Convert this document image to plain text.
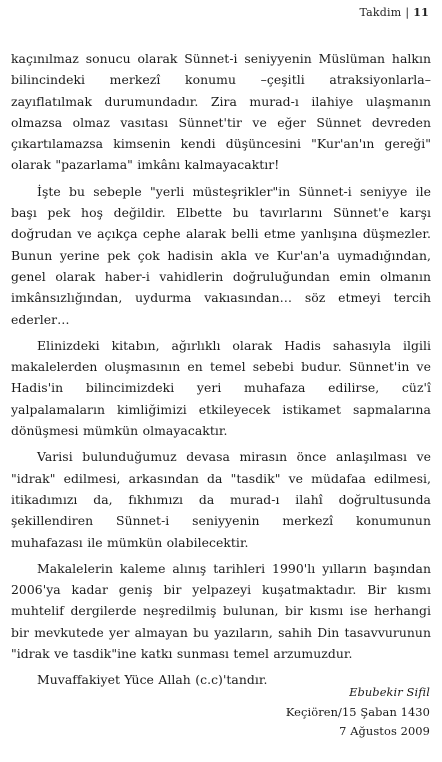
Takdim | 11

kaçınılmaz sonucu olarak Sünnet-i seniyyenin Müslüman halkın bilincindeki merkezî konumu –çeşitli atraksiyonlarla– zayıflatılmak durumundadır. Zira murad-ı ilahiye ulaşmanın olmazsa olmaz vasıtası Sünnet'tir ve eğer Sünnet devreden çıkartılamazsa kimsenin kendi düşüncesini "Kur'an'ın gereği" olarak "pazarlama" imkânı kalmayacaktır!

İşte bu sebeple "yerli müsteşrikler"in Sünnet-i seniyye ile başı pek hoş değildir. Elbette bu tavırlarını Sünnet'e karşı doğrudan ve açıkça cephe alarak belli etme yanlışına düşmezler. Bunun yerine pek çok hadisin akla ve Kur'an'a uymadığından, genel olarak haber-i vahidlerin doğruluğundan emin olmanın imkânsızlığından, uydurma vakıasından… söz etmeyi tercih ederler…

Elinizdeki kitabın, ağırlıklı olarak Hadis sahasıyla ilgili makalelerden oluşmasının en temel sebebi budur. Sünnet'in ve Hadis'in bilincimizdeki yeri muhafaza edilirse, cüz'î yalpalamaların kimliğimizi etkileyecek istikamet sapmalarına dönüşmesi mümkün olmayacaktır.

Varisi bulunduğumuz devasa mirasın önce anlaşılması ve "idrak" edilmesi, arkasından da "tasdik" ve müdafaa edilmesi, itikadımızı da, fıkhımızı da murad-ı ilahî doğrultusunda şekillendiren Sünnet-i seniyyenin merkezî konumunun muhafazası ile mümkün olabilecektir.

Makalelerin kaleme alınış tarihleri 1990'lı yılların başından 2006'ya kadar geniş bir yelpazeyi kuşatmaktadır. Bir kısmı muhtelif dergilerde neşredilmiş bulunan, bir kısmı ise herhangi bir mevkutede yer almayan bu yazıların, sahih Din tasavvurunun "idrak ve tasdik"ine katkı sunması temel arzumuzdur.

Muvaffakiyet Yüce Allah (c.c)'tandır.

Ebubekir Sifil
Keçiören/15 Şaban 1430
7 Ağustos 2009
